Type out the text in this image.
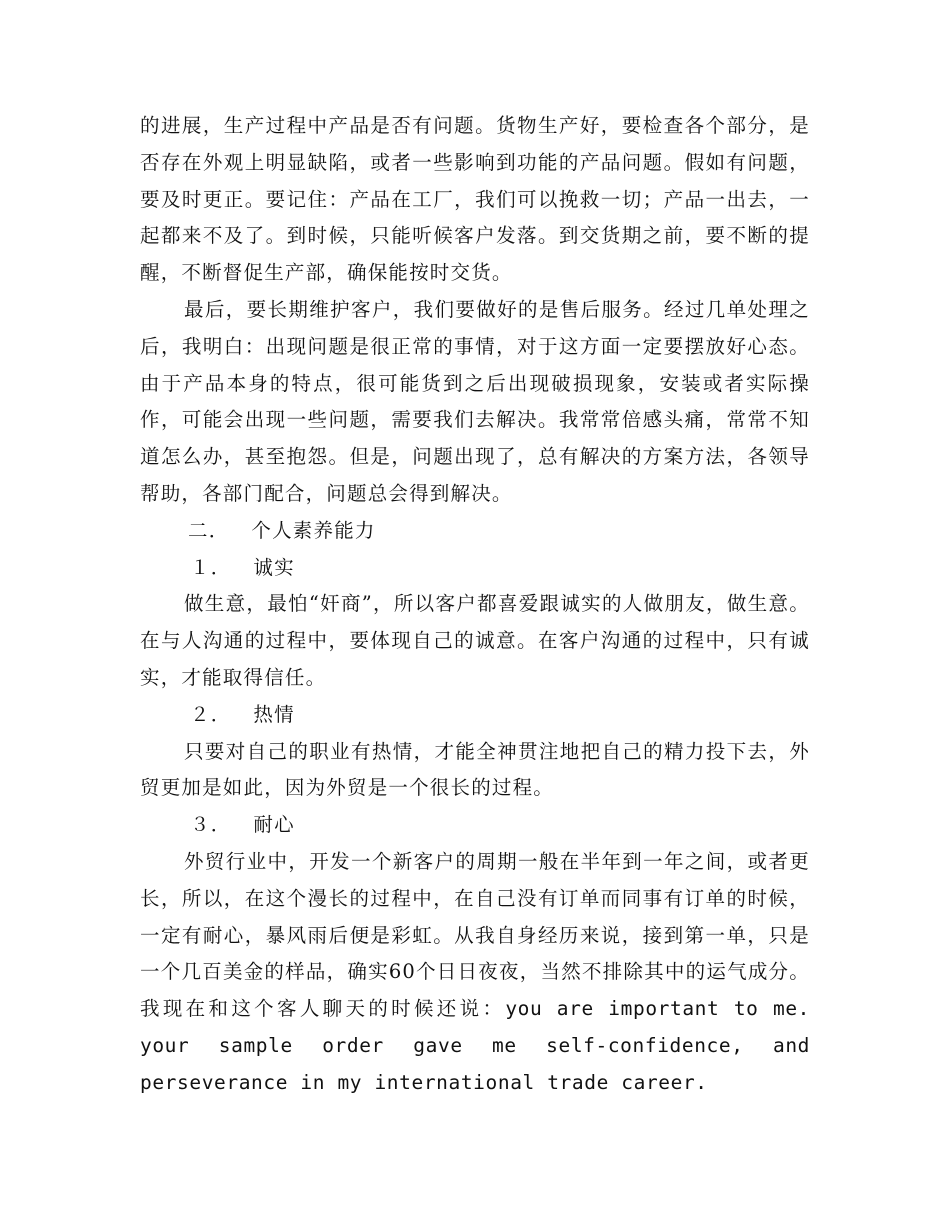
的进展，生产过程中产品是否有问题。货物生产好，要检查各个部分，是否存在外观上明显缺陷，或者一些影响到功能的产品问题。假如有问题，要及时更正。要记住：产品在工厂，我们可以挽救一切；产品一出去，一起都来不及了。到时候，只能听候客户发落。到交货期之前，要不断的提醒，不断督促生产部，确保能按时交货。

最后，要长期维护客户，我们要做好的是售后服务。经过几单处理之后，我明白：出现问题是很正常的事情，对于这方面一定要摆放好心态。由于产品本身的特点，很可能货到之后出现破损现象，安装或者实际操作，可能会出现一些问题，需要我们去解决。我常常倍感头痛，常常不知道怎么办，甚至抱怨。但是，问题出现了，总有解决的方案方法，各领导帮助，各部门配合，问题总会得到解决。

二． 个人素养能力

１． 诚实

做生意，最怕“奸商”，所以客户都喜爱跟诚实的人做朋友，做生意。在与人沟通的过程中，要体现自己的诚意。在客户沟通的过程中，只有诚实，才能取得信任。

２． 热情

只要对自己的职业有热情，才能全神贯注地把自己的精力投下去，外贸更加是如此，因为外贸是一个很长的过程。

３． 耐心

外贸行业中，开发一个新客户的周期一般在半年到一年之间，或者更长，所以，在这个漫长的过程中，在自己没有订单而同事有订单的时候，一定有耐心，暴风雨后便是彩虹。从我自身经历来说，接到第一单，只是一个几百美金的样品，确实60个日日夜夜，当然不排除其中的运气成分。我现在和这个客人聊天的时候还说：you are important to me. your sample order gave me self-confidence, and perseverance in my international trade career.
